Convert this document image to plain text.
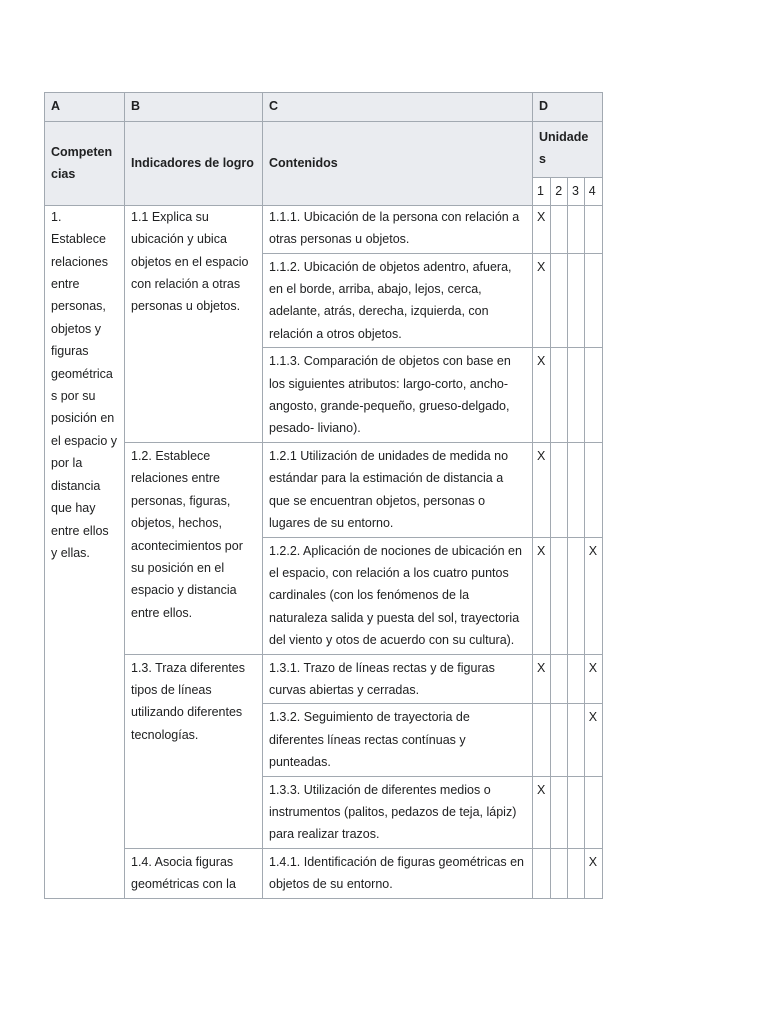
A	B	C	D			
Competen cias	Indicadores de logro	Contenidos	Unidade s			
			1	2	3	4
1. Establece relaciones entre personas, objetos y figuras geométrica s por su posición en el espacio y por la distancia que hay entre ellos y ellas.	1.1 Explica su ubicación y ubica objetos en el espacio con relación a otras personas u objetos.	1.1.1. Ubicación de la persona con relación a otras personas u objetos.	X			
		1.1.2. Ubicación de objetos adentro, afuera, en el borde, arriba, abajo, lejos, cerca, adelante, atrás, derecha, izquierda, con relación a otros objetos.	X			
		1.1.3. Comparación de objetos con base en los siguientes atributos: largo-corto, ancho-angosto, grande-pequeño, grueso-delgado, pesado- liviano).	X			
	1.2. Establece relaciones entre personas, figuras, objetos, hechos, acontecimientos por su posición en el espacio y distancia entre ellos.	1.2.1 Utilización de unidades de medida no estándar para la estimación de distancia a que se encuentran objetos, personas o lugares de su entorno.	X			
		1.2.2. Aplicación de nociones de ubicación en el espacio, con relación a los cuatro puntos cardinales (con los fenómenos de la naturaleza salida y puesta del sol, trayectoria del viento y otos de acuerdo con su cultura).	X			X
	1.3. Traza diferentes tipos de líneas utilizando diferentes tecnologías.	1.3.1. Trazo de líneas rectas y de figuras curvas abiertas y cerradas.	X			X
		1.3.2. Seguimiento de trayectoria de diferentes líneas rectas contínuas y punteadas.				X
		1.3.3. Utilización de diferentes medios o instrumentos (palitos, pedazos de teja, lápiz) para realizar trazos.	X			
	1.4. Asocia figuras geométricas con la	1.4.1. Identificación de figuras geométricas en objetos de su entorno.				X
